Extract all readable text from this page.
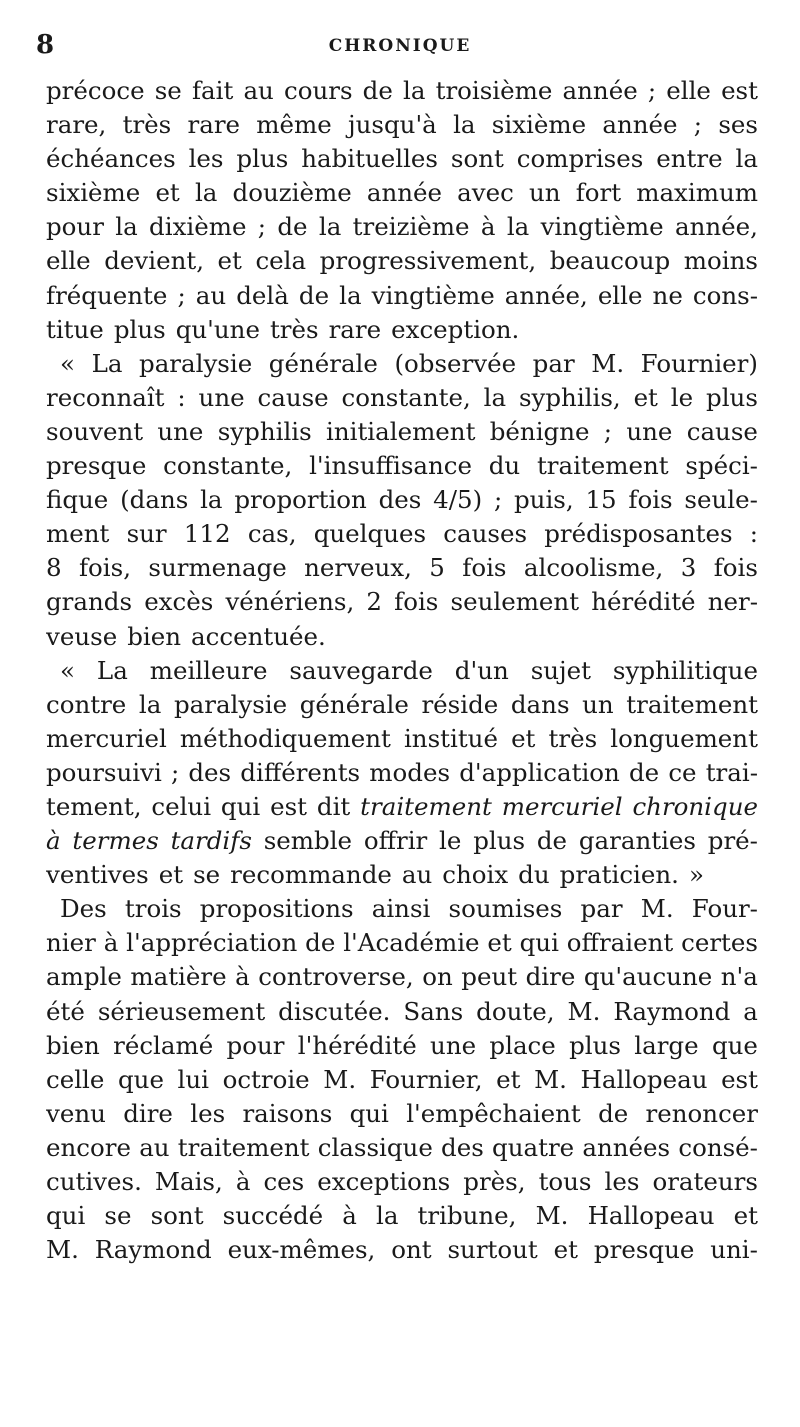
8	CHRONIQUE
précoce se fait au cours de la troisième année ; elle est
rare, très rare même jusqu'à la sixième année ; ses
échéances les plus habituelles sont comprises entre la
sixième et la douzième année avec un fort maximum
pour la dixième ; de la treizième à la vingtième année,
elle devient, et cela progressivement, beaucoup moins
fréquente ; au delà de la vingtième année, elle ne cons-
titue plus qu'une très rare exception.
« La paralysie générale (observée par M. Fournier)
reconnaît : une cause constante, la syphilis, et le plus
souvent une syphilis initialement bénigne ; une cause
presque constante, l'insuffisance du traitement spéci-
fique (dans la proportion des 4/5) ; puis, 15 fois seule-
ment sur 112 cas, quelques causes prédisposantes :
8 fois, surmenage nerveux, 5 fois alcoolisme, 3 fois
grands excès vénériens, 2 fois seulement hérédité ner-
veuse bien accentuée.
« La meilleure sauvegarde d'un sujet syphilitique
contre la paralysie générale réside dans un traitement
mercuriel méthodiquement institué et très longuement
poursuivi ; des différents modes d'application de ce trai-
tement, celui qui est dit traitement mercuriel chronique
à termes tardifs semble offrir le plus de garanties pré-
ventives et se recommande au choix du praticien. »
Des trois propositions ainsi soumises par M. Four-
nier à l'appréciation de l'Académie et qui offraient certes
ample matière à controverse, on peut dire qu'aucune n'a
été sérieusement discutée. Sans doute, M. Raymond a
bien réclamé pour l'hérédité une place plus large que
celle que lui octroie M. Fournier, et M. Hallopeau est
venu dire les raisons qui l'empêchaient de renoncer
encore au traitement classique des quatre années consé-
cutives. Mais, à ces exceptions près, tous les orateurs
qui se sont succédé à la tribune, M. Hallopeau et
M. Raymond eux-mêmes, ont surtout et presque uni-
